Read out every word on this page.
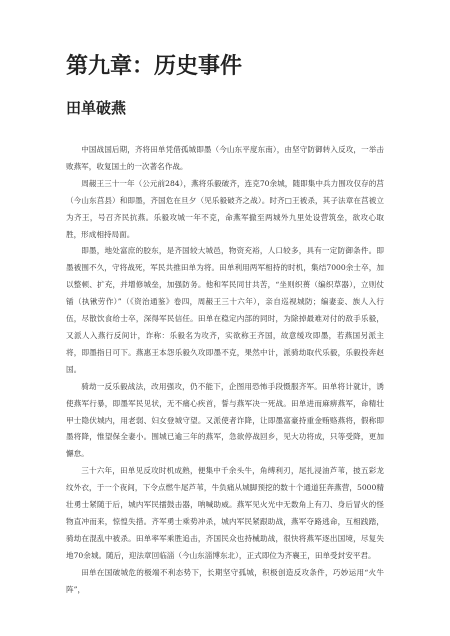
第九章：历史事件
田单破燕

中国战国后期，齐将田单凭借孤城即墨（今山东平度东南），由坚守防御转入反攻，一举击败燕军，收复国土的一次著名作战。

周赧王三十一年（公元前284），燕将乐毅破齐，连克70余城，随即集中兵力围攻仅存的莒（今山东莒县）和即墨，齐国危在旦夕（见乐毅破齐之战）。时齐□王被杀，其子法章在莒被立为齐王，号召齐民抗燕。乐毅攻城一年不克，命燕军撤至两城外九里处设营筑垒，欲攻心取胜，形成相持局面。

即墨，地处富庶的胶东，是齐国较大城邑，物资充裕，人口较多，具有一定防御条件。即墨被围不久，守将战死，军民共推田单为将。田单利用两军相持的时机，集结7000余士卒，加以整顿、扩充，并增修城垒，加强防务。他和军民同甘共苦，“坐则织蒉（编织草器），立则仗锸（执锹劳作）”（《资治通鉴》卷四，周赧王三十六年），亲自巡视城防；编妻妾、族人入行伍，尽散饮食给士卒，深得军民信任。田单在稳定内部的同时，为除掉最难对付的敌手乐毅，又派人入燕行反间计，诈称：乐毅名为攻齐，实欲称王齐国，故意缓攻即墨，若燕国另派主将，即墨指日可下。燕惠王本怨乐毅久攻即墨不克，果然中计，派骑劫取代乐毅，乐毅投奔赵国。

骑劫一反乐毅战法，改用强攻，仍不能下，企图用恐怖手段慑服齐军。田单将计就计，诱使燕军行暴，即墨军民见状，无不痛心疾首，誓与燕军决一死战。田单进而麻痹燕军，命精壮甲士隐伏城内，用老弱、妇女登城守望。又派使者诈降，让即墨富豪持重金贿赂燕将，假称即墨将降，惟望保全妻小。围城已逾三年的燕军，急欲停战回乡，见大功将成，只等受降，更加懈怠。

三十六年，田单见反攻时机成熟，便集中千余头牛，角缚利刃，尾扎浸油芦苇，披五彩龙纹外衣，于一个夜间，下令点燃牛尾芦苇，牛负痛从城脚预挖的数十个通道狂奔燕营，5000精壮勇士紧随于后，城内军民擂鼓击器，呐喊助威。燕军见火光中无数角上有刀、身后冒火的怪物直冲而来，惊惶失措。齐军勇士乘势冲杀，城内军民紧跟助战，燕军夺路逃命，互相践踏，骑劫在混乱中被杀。田单率军乘胜追击，齐国民众也持械助战，很快将燕军逐出国境，尽复失地70余城。随后，迎法章回临淄（今山东淄博东北），正式即位为齐襄王，田单受封安平君。

田单在国破城危的极端不利态势下，长期坚守孤城，积极创造反攻条件，巧妙运用“火牛阵”，
